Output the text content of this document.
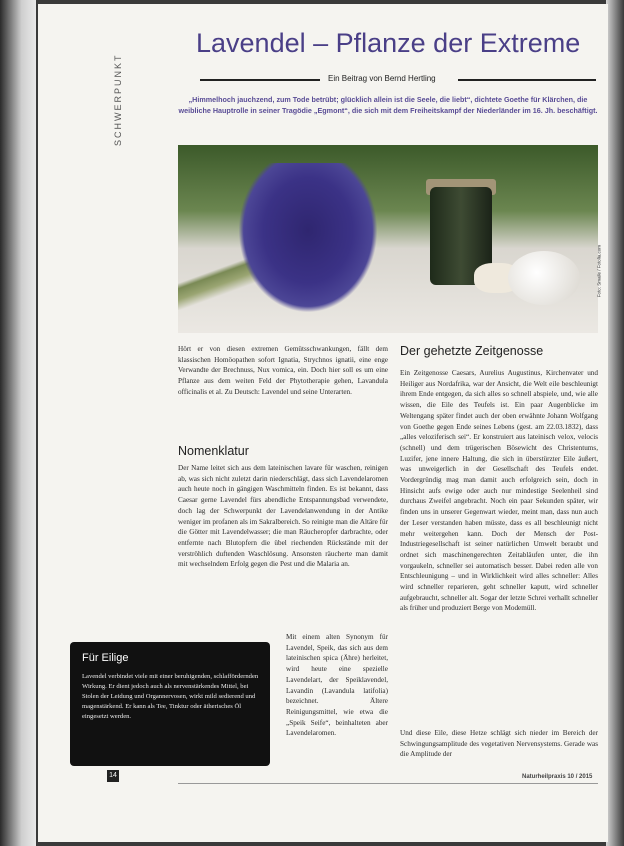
SCHWERPUNKT
Lavendel – Pflanze der Extreme
Ein Beitrag von Bernd Hertling
„Himmelhoch jauchzend, zum Tode betrübt; glücklich allein ist die Seele, die liebt“, dichtete Goethe für Klärchen, die weibliche Hauptrolle in seiner Tragödie „Egmont“, die sich mit dem Freiheitskampf der Niederländer im 16. Jh. beschäftigt.
Foto: Smaile / Fotolia.com

Hört er von diesen extremen Gemütsschwankungen, fällt dem klassischen Homöopathen sofort Ignatia, Strychnos ignatii, eine enge Verwandte der Brechnuss, Nux vomica, ein. Doch hier soll es um eine Pflanze aus dem weiten Feld der Phytotherapie gehen, Lavandula officinalis et al. Zu Deutsch: Lavendel und seine Unterarten.

Nomenklatur

Der Name leitet sich aus dem lateinischen lavare für waschen, reinigen ab, was sich nicht zuletzt darin niederschlägt, dass sich Lavendelaromen auch heute noch in gängigen Waschmitteln finden. Es ist bekannt, dass Caesar gerne Lavendel fürs abendliche Entspannungsbad verwendete, doch lag der Schwerpunkt der Lavendelanwendung in der Antike weniger im profanen als im Sakralbereich. So reinigte man die Altäre für die Götter mit Lavendelwasser; die man Räucheropfer darbrachte, oder entfernte nach Blutopfern die übel riechenden Rückstände mit der verströhlich duftenden Waschlösung. Ansonsten räucherte man damit mit wechselndem Erfolg gegen die Pest und die Malaria an.

Mit einem alten Synonym für Lavendel, Speik, das sich aus dem lateinischen spica (Ähre) herleitet, wird heute eine spezielle Lavendelart, der Speiklavendel, Lavandin (Lavandula latifolia) bezeichnet. Ältere Reinigungsmittel, wie etwa die „Speik Seife“, beinhalteten aber Lavendelaromen.

Der gehetzte Zeitgenosse

Ein Zeitgenosse Caesars, Aurelius Augustinus, Kirchenvater und Heiliger aus Nordafrika, war der Ansicht, die Welt eile beschleunigt ihrem Ende entgegen, da sich alles so schnell abspiele, und, wie alle wissen, die Eile des Teufels ist. Ein paar Augenblicke im Weltengang später findet auch der oben erwähnte Johann Wolfgang von Goethe gegen Ende seines Lebens (gest. am 22.03.1832), dass „alles veloziferisch sei“. Er konstruiert aus lateinisch velox, velocis (schnell) und dem trügerischen Bösewicht des Christentums, Luzifer, jene innere Haltung, die sich in überstürzter Eile äußert, was unweigerlich in der Gesellschaft des Teufels endet. Vordergründig mag man damit auch erfolgreich sein, doch in Hinsicht aufs ewige oder auch nur mindestige Seelenheil sind durchaus Zweifel angebracht. Noch ein paar Sekunden später, wir finden uns in unserer Gegenwart wieder, meint man, dass nun auch der Leser verstanden haben müsste, dass es all beschleunigt nicht mehr weitergehen kann. Doch der Mensch der Post-Industriegesellschaft ist seiner natürlichen Umwelt beraubt und ordnet sich maschinengerechten Zeitabläufen unter, die ihn vorgaukeln, schneller sei automatisch besser. Dabei reden alle von Entschleunigung – und in Wirklichkeit wird alles schneller: Alles wird schneller reparieren, geht schneller kaputt, wird schneller aufgebraucht, schneller alt. Sogar der letzte Schrei verhallt schneller als früher und produziert Berge von Modemüll.

Und diese Eile, diese Hetze schlägt sich nieder im Bereich der Schwingungsamplitude des vegetativen Nervensystems. Gerade was die Amplitude der

Für Eilige
Lavendel verbindet viele mit einer beruhigenden, schlaffördernden Wirkung. Er dient jedoch auch als nervenstärkendes Mittel, bei Stolen der Leidung und Organnervosen, wirkt mild sedierend und magenstärkend. Er kann als Tee, Tinktur oder ätherisches Öl eingesetzt werden.
14	Naturheilpraxis 10 / 2015
